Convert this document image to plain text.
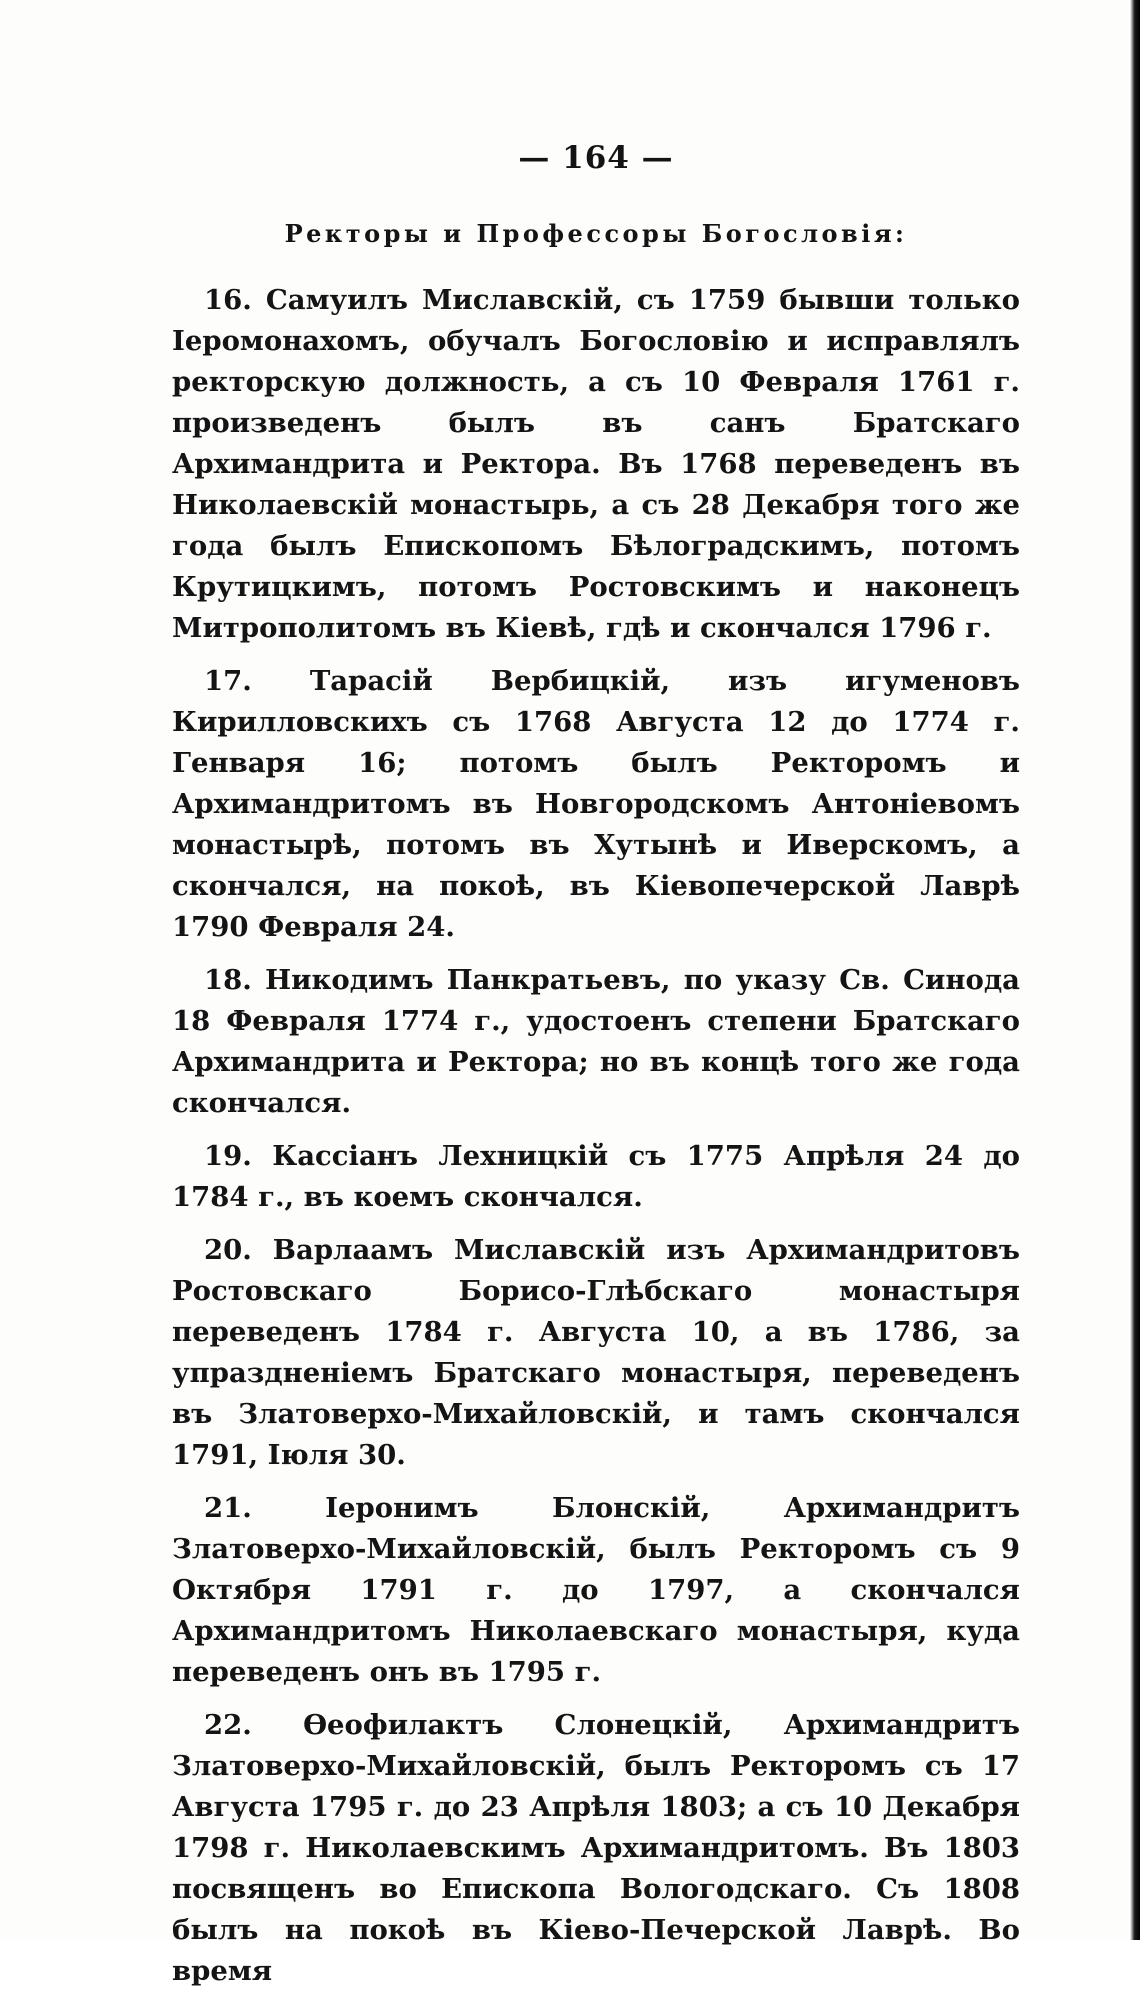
— 164 —
Ректоры и Профессоры Богословія:

16. Самуилъ Миславскій, съ 1759 бывши только Іеромонахомъ, обучалъ Богословію и исправлялъ ректорскую должность, а съ 10 Февраля 1761 г. произведенъ былъ въ санъ Братскаго Архимандрита и Ректора. Въ 1768 переведенъ въ Николаевскій монастырь, а съ 28 Декабря того же года былъ Епископомъ Бѣлоградскимъ, потомъ Крутицкимъ, потомъ Ростовскимъ и наконецъ Митрополитомъ въ Кіевѣ, гдѣ и скончался 1796 г.

17. Тарасій Вербицкій, изъ игуменовъ Кирилловскихъ съ 1768 Августа 12 до 1774 г. Генваря 16; потомъ былъ Ректоромъ и Архимандритомъ въ Новгородскомъ Антоніевомъ монастырѣ, потомъ въ Хутынѣ и Иверскомъ, а скончался, на покоѣ, въ Кіевопечерской Лаврѣ 1790 Февраля 24.

18. Никодимъ Панкратьевъ, по указу Св. Синода 18 Февраля 1774 г., удостоенъ степени Братскаго Архимандрита и Ректора; но въ концѣ того же года скончался.

19. Кассіанъ Лехницкій съ 1775 Апрѣля 24 до 1784 г., въ коемъ скончался.

20. Варлаамъ Миславскій изъ Архимандритовъ Ростовскаго Борисо-Глѣбскаго монастыря переведенъ 1784 г. Августа 10, а въ 1786, за упраздненіемъ Братскаго монастыря, переведенъ въ Златоверхо-Михайловскій, и тамъ скончался 1791, Іюля 30.

21. Іеронимъ Блонскій, Архимандритъ Златоверхо-Михайловскій, былъ Ректоромъ съ 9 Октября 1791 г. до 1797, а скончался Архимандритомъ Николаевскаго монастыря, куда переведенъ онъ въ 1795 г.

22. Ѳеофилактъ Слонецкій, Архимандритъ Златоверхо-Михайловскій, былъ Ректоромъ съ 17 Августа 1795 г. до 23 Апрѣля 1803; а съ 10 Декабря 1798 г. Николаевскимъ Архимандритомъ. Въ 1803 посвященъ во Епископа Вологодскаго. Съ 1808 былъ на покоѣ въ Кіево-Печерской Лаврѣ. Во время
